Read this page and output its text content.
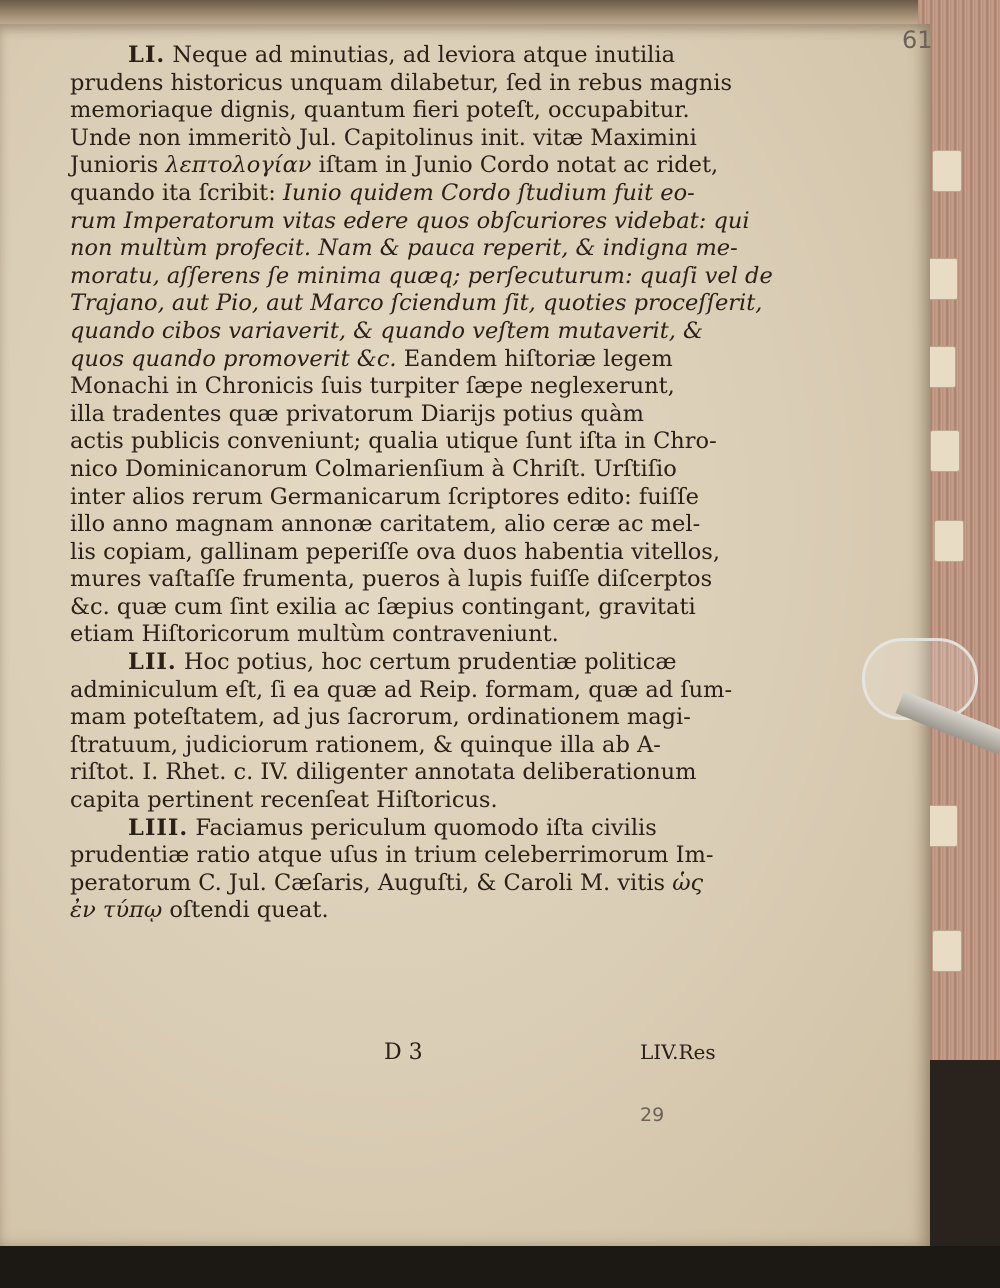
61
LI. Neque ad minutias, ad leviora atque inutilia
prudens historicus unquam dilabetur, ſed in rebus magnis
memoriaque dignis, quantum fieri poteſt, occupabitur.
Unde non immeritò Jul. Capitolinus init. vitæ Maximini
Junioris λεπτολογίαν iſtam in Junio Cordo notat ac ridet,
quando ita ſcribit: Iunio quidem Cordo ſtudium fuit eo-
rum Imperatorum vitas edere quos obſcuriores videbat: qui
non multùm profecit. Nam & pauca reperit, & indigna me-
moratu, aſſerens ſe minima quæq; perſecuturum: quaſi vel de
Trajano, aut Pio, aut Marco ſciendum ſit, quoties proceſſerit,
quando cibos variaverit, & quando veſtem mutaverit, &
quos quando promoverit &c. Eandem hiſtoriæ legem
Monachi in Chronicis ſuis turpiter ſæpe neglexerunt,
illa tradentes quæ privatorum Diarijs potius quàm
actis publicis conveniunt; qualia utique ſunt iſta in Chro-
nico Dominicanorum Colmarienſium à Chriſt. Urſtiſio
inter alios rerum Germanicarum ſcriptores edito: fuiſſe
illo anno magnam annonæ caritatem, alio ceræ ac mel-
lis copiam, gallinam peperiſſe ova duos habentia vitellos,
mures vaſtaſſe frumenta, pueros à lupis fuiſſe diſcerptos
&c. quæ cum ſint exilia ac ſæpius contingant, gravitati
etiam Hiſtoricorum multùm contraveniunt.
LII. Hoc potius, hoc certum prudentiæ politicæ
adminiculum eſt, ſi ea quæ ad Reip. formam, quæ ad ſum-
mam poteſtatem, ad jus ſacrorum, ordinationem magi-
ſtratuum, judiciorum rationem, & quinque illa ab A-
riſtot. I. Rhet. c. IV. diligenter annotata deliberationum
capita pertinent recenſeat Hiſtoricus.
LIII. Faciamus periculum quomodo iſta civilis
prudentiæ ratio atque uſus in trium celeberrimorum Im-
peratorum C. Jul. Cæſaris, Auguſti, & Caroli M. vitis ὡς
ἐν τύπῳ oſtendi queat.
D 3	LIV.Res
29
